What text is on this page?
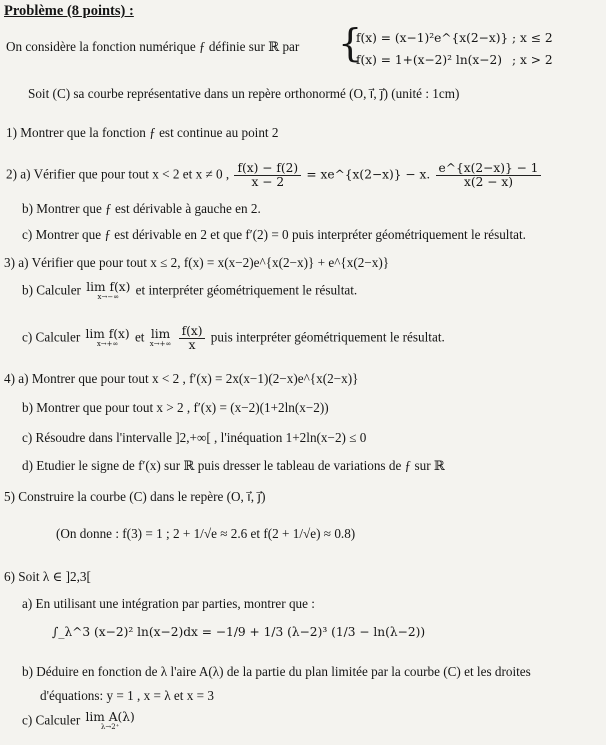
Problème (8 points) :
On considère la fonction numérique ƒ définie sur ℝ par {
f(x) = (x−1)²e^{x(2−x)} ; x ≤ 2
f(x) = 1+(x−2)² ln(x−2) ; x > 2
Soit (C) sa courbe représentative dans un repère orthonormé (O, i⃗, j⃗) (unité : 1cm)
1) Montrer que la fonction ƒ est continue au point 2
2) a) Vérifier que pour tout x < 2 et x ≠ 0 , $\frac{f(x) - f(2)}{x - 2}$ = xe^{x(2−x)} − x. $\frac{e\^{}\{x(2-x)\} - 1}{x(2 - x)}$
b) Montrer que ƒ est dérivable à gauche en 2.
c) Montrer que ƒ est dérivable en 2 et que f′(2) = 0 puis interpréter géométriquement le résultat.
3) a) Vérifier que pour tout x ≤ 2, f(x) = x(x−2)e^{x(2−x)} + e^{x(2−x)}
b) Calculer lim f(x)
x→−∞	et interpréter géométriquement le résultat.
c) Calculer lim f(x)
x→+∞	et lim
x→+∞
$\frac{f(x)}{x}$ puis interpréter géométriquement le résultat.
4) a) Montrer que pour tout x < 2 , f′(x) = 2x(x−1)(2−x)e^{x(2−x)}
b) Montrer que pour tout x > 2 , f′(x) = (x−2)(1+2ln(x−2))
c) Résoudre dans l'intervalle ]2,+∞[ , l'inéquation 1+2ln(x−2) ≤ 0
d) Etudier le signe de f′(x) sur ℝ puis dresser le tableau de variations de ƒ sur ℝ
5) Construire la courbe (C) dans le repère (O, i⃗, j⃗)
(On donne : f(3) = 1 ; 2 + 1/√e ≈ 2.6 et f(2 + 1/√e) ≈ 0.8)
6) Soit λ ∈ ]2,3[
a) En utilisant une intégration par parties, montrer que :
∫_λ^3 (x−2)² ln(x−2)dx = −1/9 + 1/3 (λ−2)³ (1/3 − ln(λ−2))
b) Déduire en fonction de λ l'aire A(λ) de la partie du plan limitée par la courbe (C) et les droites
d'équations: y = 1 , x = λ et x = 3
c) Calculer lim A(λ)
λ→2⁺
